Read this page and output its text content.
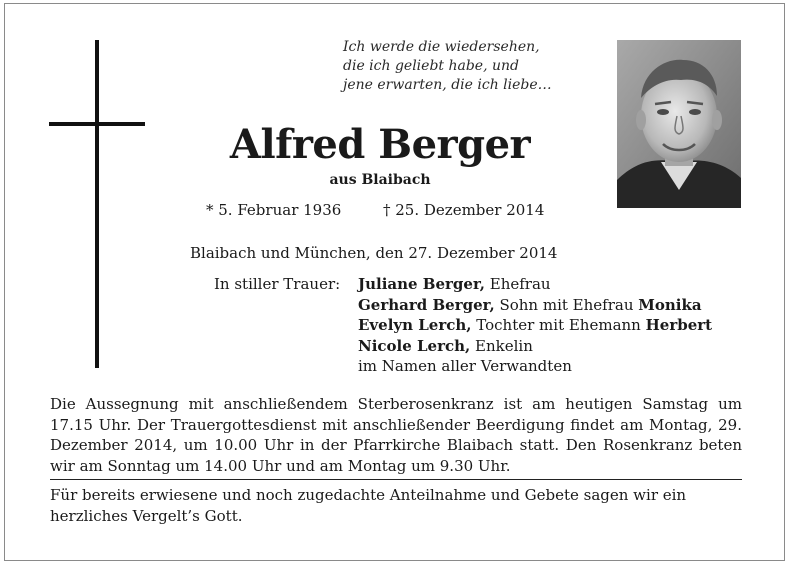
Ich werde die wiedersehen,
die ich geliebt habe, und
jene erwarten, die ich liebe…
Alfred Berger
aus Blaibach
* 5. Februar 1936	† 25. Dezember 2014
Blaibach und München, den 27. Dezember 2014
In stiller Trauer: Juliane Berger, Ehefrau
Gerhard Berger, Sohn mit Ehefrau Monika
Evelyn Lerch, Tochter mit Ehemann Herbert
Nicole Lerch, Enkelin
im Namen aller Verwandten
Die Aussegnung mit anschließendem Sterberosenkranz ist am heutigen Samstag um 17.15 Uhr. Der Trauergottesdienst mit anschließender Beerdigung findet am Montag, 29. Dezember 2014, um 10.00 Uhr in der Pfarrkirche Blaibach statt. Den Rosenkranz beten wir am Sonntag um 14.00 Uhr und am Montag um 9.30 Uhr.
Für bereits erwiesene und noch zugedachte Anteilnahme und Gebete sagen wir ein herzliches Vergelt’s Gott.
